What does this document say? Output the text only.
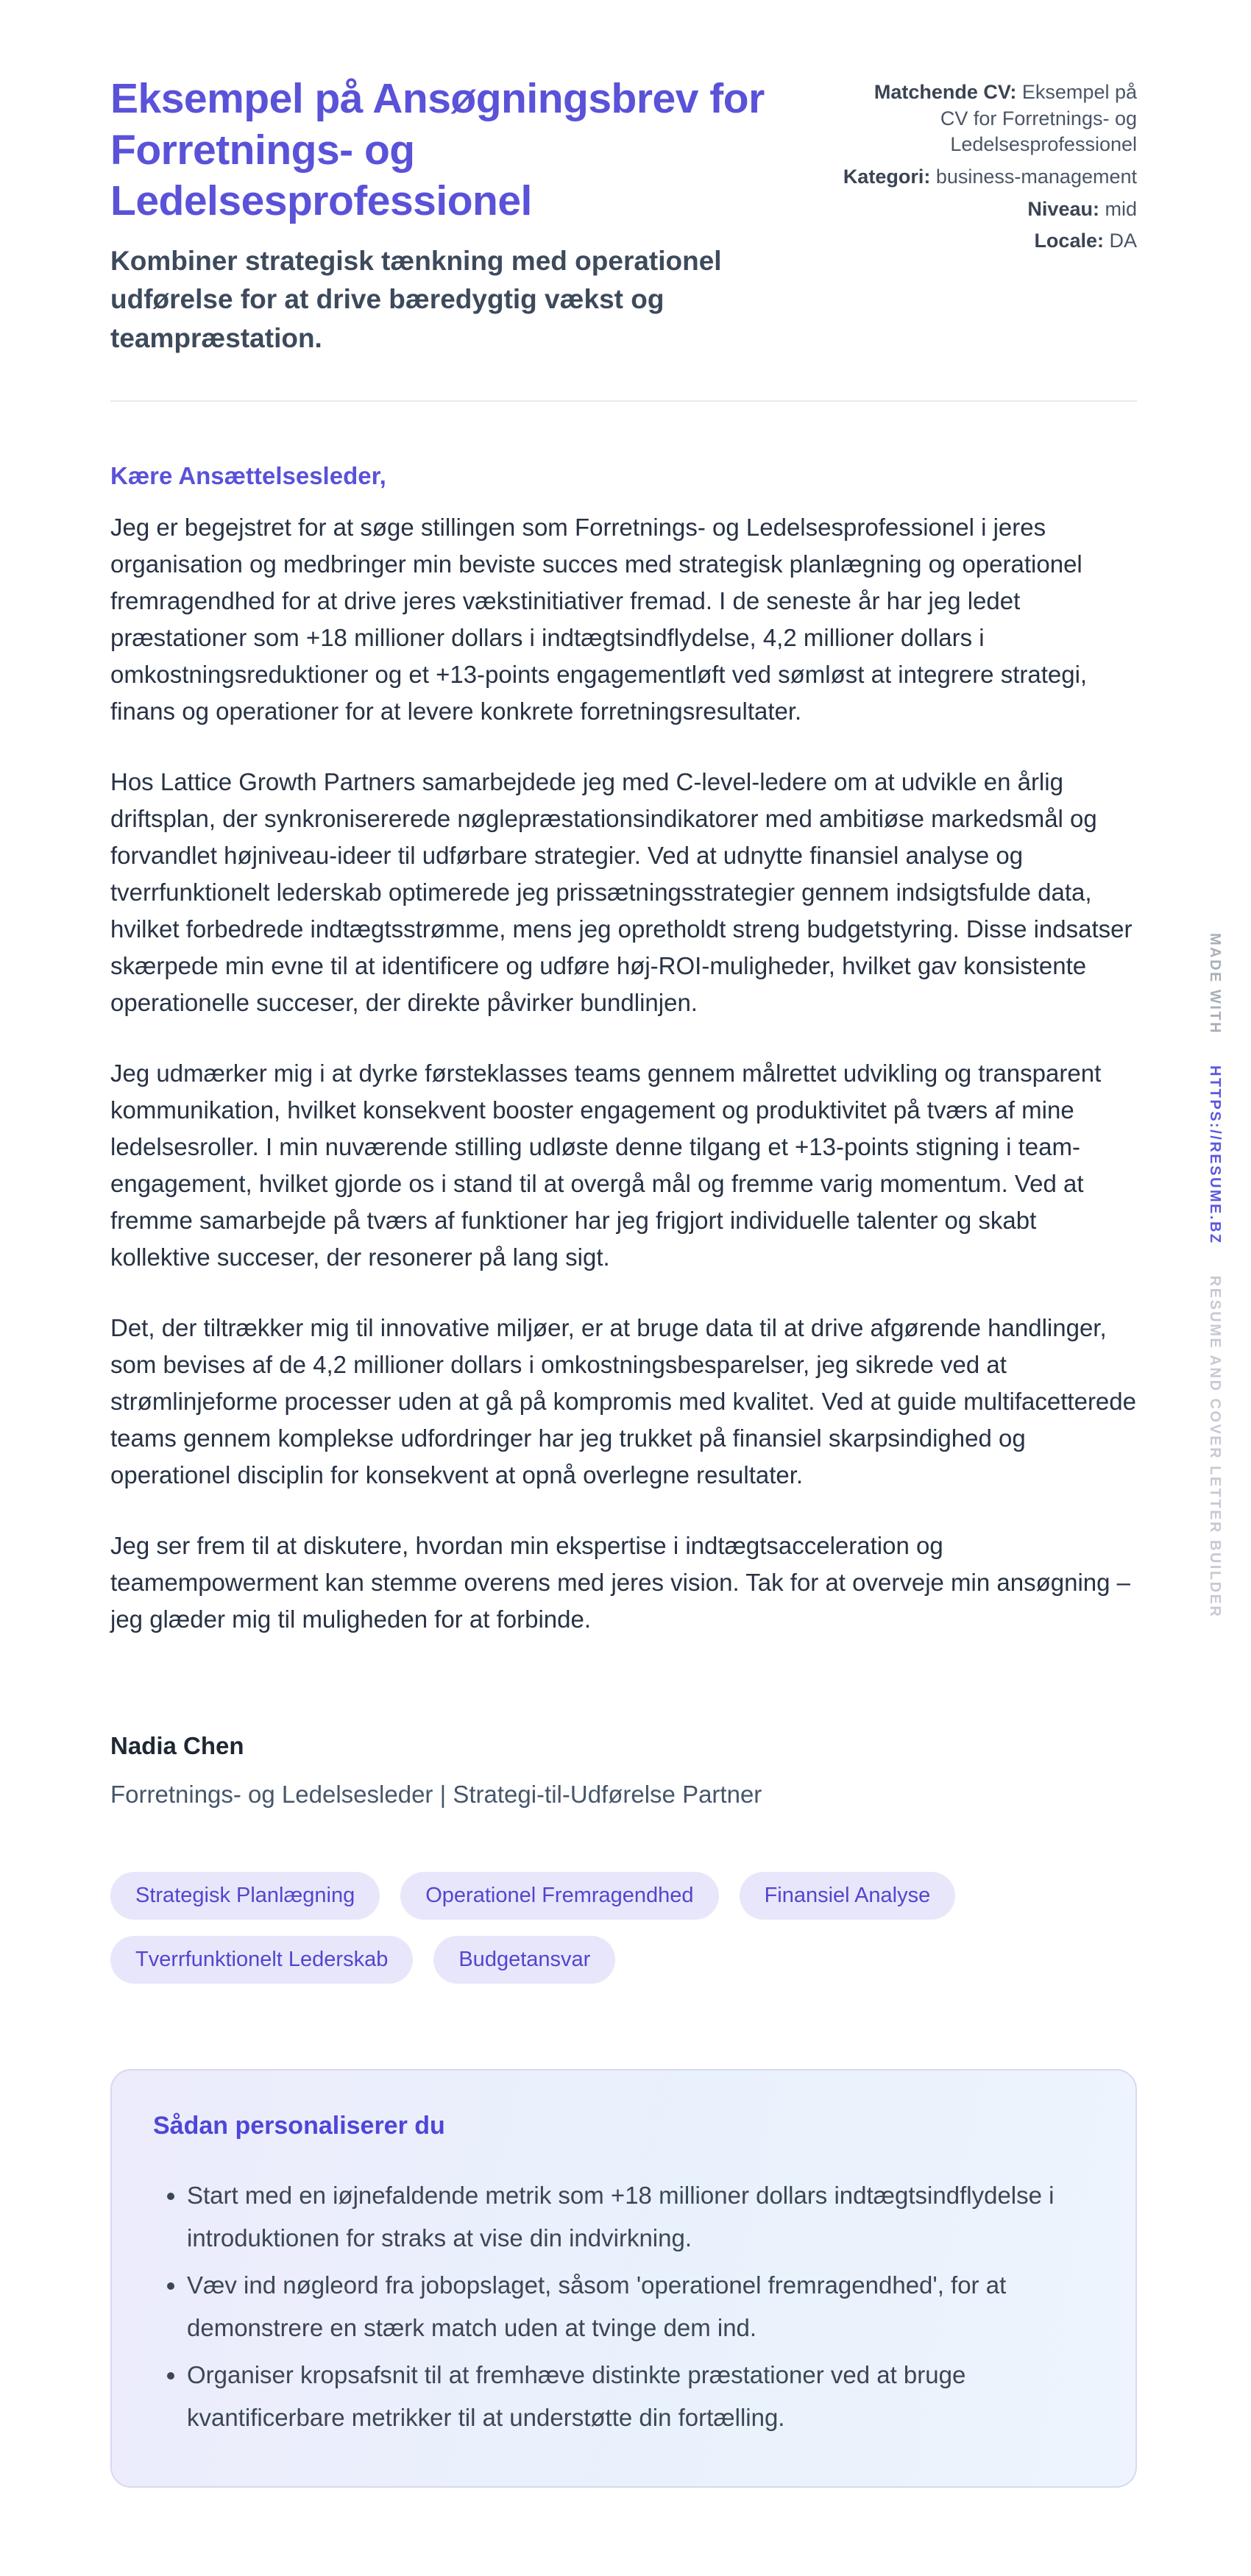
Eksempel på Ansøgningsbrev for Forretnings- og Ledelsesprofessionel
Kombiner strategisk tænkning med operationel udførelse for at drive bæredygtig vækst og teampræstation.
Matchende CV: Eksempel på CV for Forretnings- og Ledelsesprofessionel
Kategori: business-management
Niveau: mid
Locale: DA
Kære Ansættelsesleder,

Jeg er begejstret for at søge stillingen som Forretnings- og Ledelsesprofessionel i jeres organisation og medbringer min beviste succes med strategisk planlægning og operationel fremragendhed for at drive jeres vækstinitiativer fremad. I de seneste år har jeg ledet præstationer som +18 millioner dollars i indtægtsindflydelse, 4,2 millioner dollars i omkostningsreduktioner og et +13-points engagementløft ved sømløst at integrere strategi, finans og operationer for at levere konkrete forretningsresultater.

Hos Lattice Growth Partners samarbejdede jeg med C-level-ledere om at udvikle en årlig driftsplan, der synkronisererede nøglepræstationsindikatorer med ambitiøse markedsmål og forvandlet højniveau-ideer til udførbare strategier. Ved at udnytte finansiel analyse og tverrfunktionelt lederskab optimerede jeg prissætningsstrategier gennem indsigtsfulde data, hvilket forbedrede indtægtsstrømme, mens jeg opretholdt streng budgetstyring. Disse indsatser skærpede min evne til at identificere og udføre høj-ROI-muligheder, hvilket gav konsistente operationelle succeser, der direkte påvirker bundlinjen.

Jeg udmærker mig i at dyrke førsteklasses teams gennem målrettet udvikling og transparent kommunikation, hvilket konsekvent booster engagement og produktivitet på tværs af mine ledelsesroller. I min nuværende stilling udløste denne tilgang et +13-points stigning i team-engagement, hvilket gjorde os i stand til at overgå mål og fremme varig momentum. Ved at fremme samarbejde på tværs af funktioner har jeg frigjort individuelle talenter og skabt kollektive succeser, der resonerer på lang sigt.

Det, der tiltrækker mig til innovative miljøer, er at bruge data til at drive afgørende handlinger, som bevises af de 4,2 millioner dollars i omkostningsbesparelser, jeg sikrede ved at strømlinjeforme processer uden at gå på kompromis med kvalitet. Ved at guide multifacetterede teams gennem komplekse udfordringer har jeg trukket på finansiel skarpsindighed og operationel disciplin for konsekvent at opnå overlegne resultater.

Jeg ser frem til at diskutere, hvordan min ekspertise i indtægtsacceleration og teamempowerment kan stemme overens med jeres vision. Tak for at overveje min ansøgning – jeg glæder mig til muligheden for at forbinde.

Nadia Chen
Forretnings- og Ledelsesleder | Strategi-til-Udførelse Partner
Strategisk Planlægning	Operationel Fremragendhed	Finansiel Analyse
Tverrfunktionelt Lederskab	Budgetansvar
Sådan personaliserer du
• Start med en iøjnefaldende metrik som +18 millioner dollars indtægtsindflydelse i introduktionen for straks at vise din indvirkning.
• Væv ind nøgleord fra jobopslaget, såsom 'operationel fremragendhed', for at demonstrere en stærk match uden at tvinge dem ind.
• Organiser kropsafsnit til at fremhæve distinkte præstationer ved at bruge kvantificerbare metrikker til at understøtte din fortælling.
MADE WITHHTTPS://RESUME.BZRESUME AND COVER LETTER BUILDER
